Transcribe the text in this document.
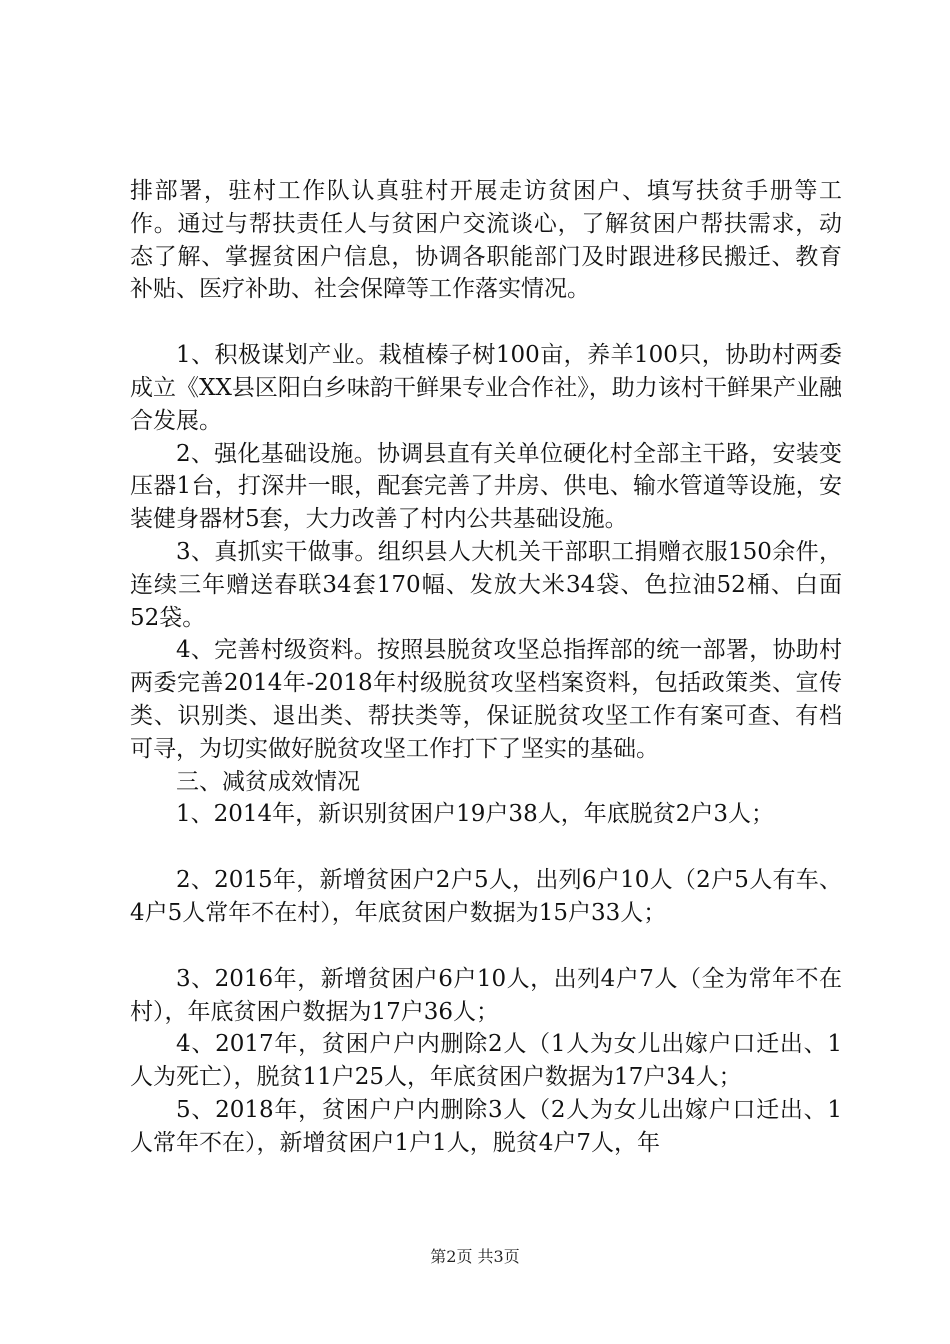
排部署，驻村工作队认真驻村开展走访贫困户、填写扶贫手册等工作。通过与帮扶责任人与贫困户交流谈心，了解贫困户帮扶需求，动态了解、掌握贫困户信息，协调各职能部门及时跟进移民搬迁、教育补贴、医疗补助、社会保障等工作落实情况。

1、积极谋划产业。栽植榛子树100亩，养羊100只，协助村两委成立《XX县区阳白乡味韵干鲜果专业合作社》，助力该村干鲜果产业融合发展。

2、强化基础设施。协调县直有关单位硬化村全部主干路，安装变压器1台，打深井一眼，配套完善了井房、供电、输水管道等设施，安装健身器材5套，大力改善了村内公共基础设施。

3、真抓实干做事。组织县人大机关干部职工捐赠衣服150余件，连续三年赠送春联34套170幅、发放大米34袋、色拉油52桶、白面52袋。

4、完善村级资料。按照县脱贫攻坚总指挥部的统一部署，协助村两委完善2014年-2018年村级脱贫攻坚档案资料，包括政策类、宣传类、识别类、退出类、帮扶类等，保证脱贫攻坚工作有案可查、有档可寻，为切实做好脱贫攻坚工作打下了坚实的基础。

三、减贫成效情况

1、2014年，新识别贫困户19户38人，年底脱贫2户3人；

2、2015年，新增贫困户2户5人，出列6户10人（2户5人有车、4户5人常年不在村），年底贫困户数据为15户33人；

3、2016年，新增贫困户6户10人，出列4户7人（全为常年不在村），年底贫困户数据为17户36人；

4、2017年，贫困户户内删除2人（1人为女儿出嫁户口迁出、1人为死亡），脱贫11户25人，年底贫困户数据为17户34人；

5、2018年，贫困户户内删除3人（2人为女儿出嫁户口迁出、1人常年不在），新增贫困户1户1人，脱贫4户7人，年

第2页 共3页
